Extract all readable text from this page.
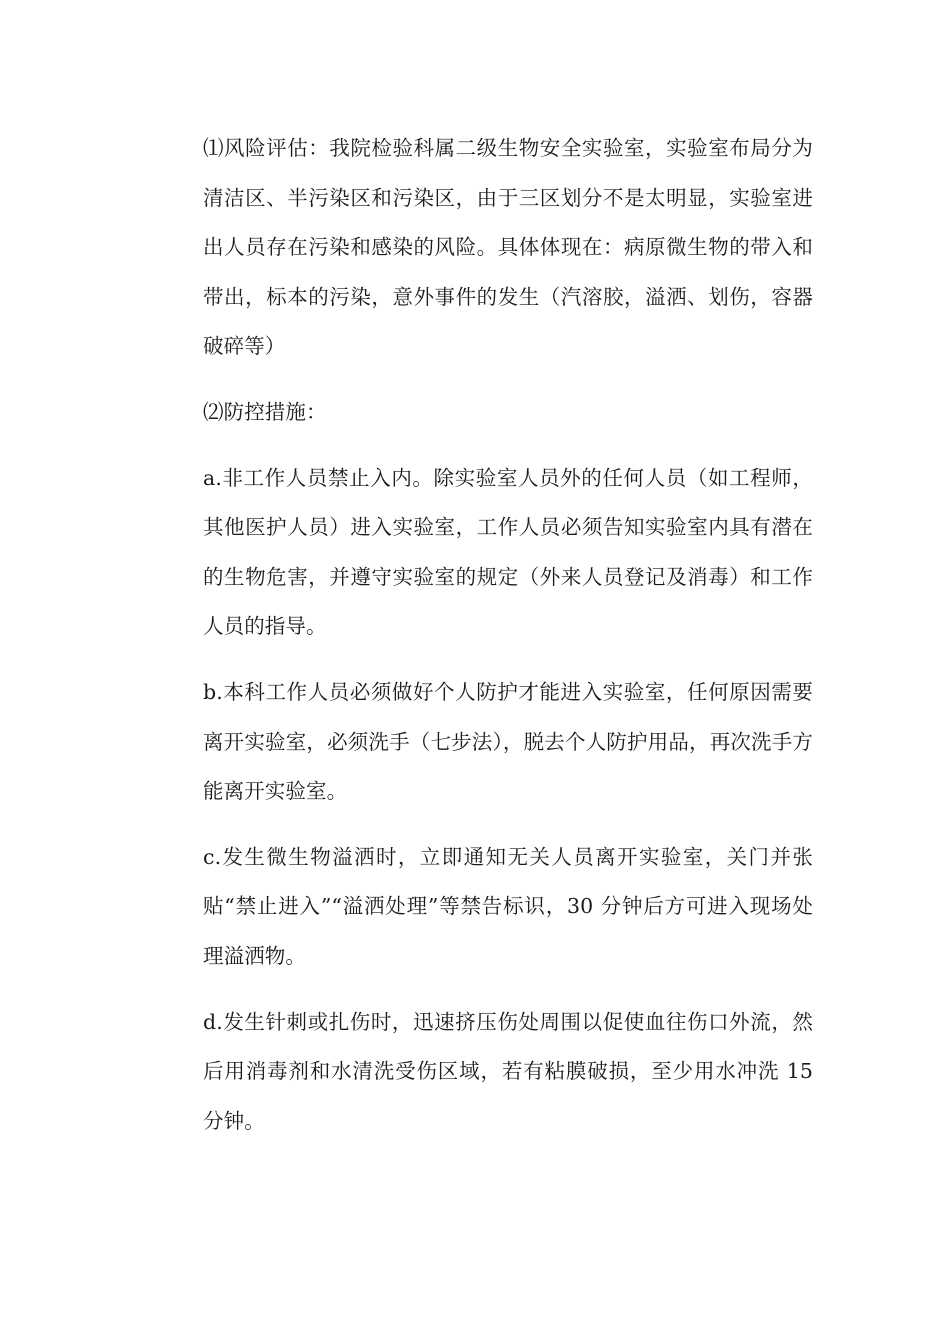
⑴风险评估：我院检验科属二级生物安全实验室，实验室布局分为清洁区、半污染区和污染区，由于三区划分不是太明显，实验室进出人员存在污染和感染的风险。具体体现在：病原微生物的带入和带出，标本的污染，意外事件的发生（汽溶胶，溢洒、划伤，容器破碎等）

⑵防控措施：

a.非工作人员禁止入内。除实验室人员外的任何人员（如工程师，其他医护人员）进入实验室，工作人员必须告知实验室内具有潜在的生物危害，并遵守实验室的规定（外来人员登记及消毒）和工作人员的指导。

b.本科工作人员必须做好个人防护才能进入实验室，任何原因需要离开实验室，必须洗手（七步法），脱去个人防护用品，再次洗手方能离开实验室。

c.发生微生物溢洒时，立即通知无关人员离开实验室，关门并张贴“禁止进入”“溢洒处理”等禁告标识，30 分钟后方可进入现场处理溢洒物。

d.发生针刺或扎伤时，迅速挤压伤处周围以促使血往伤口外流，然后用消毒剂和水清洗受伤区域，若有粘膜破损，至少用水冲洗 15 分钟。
